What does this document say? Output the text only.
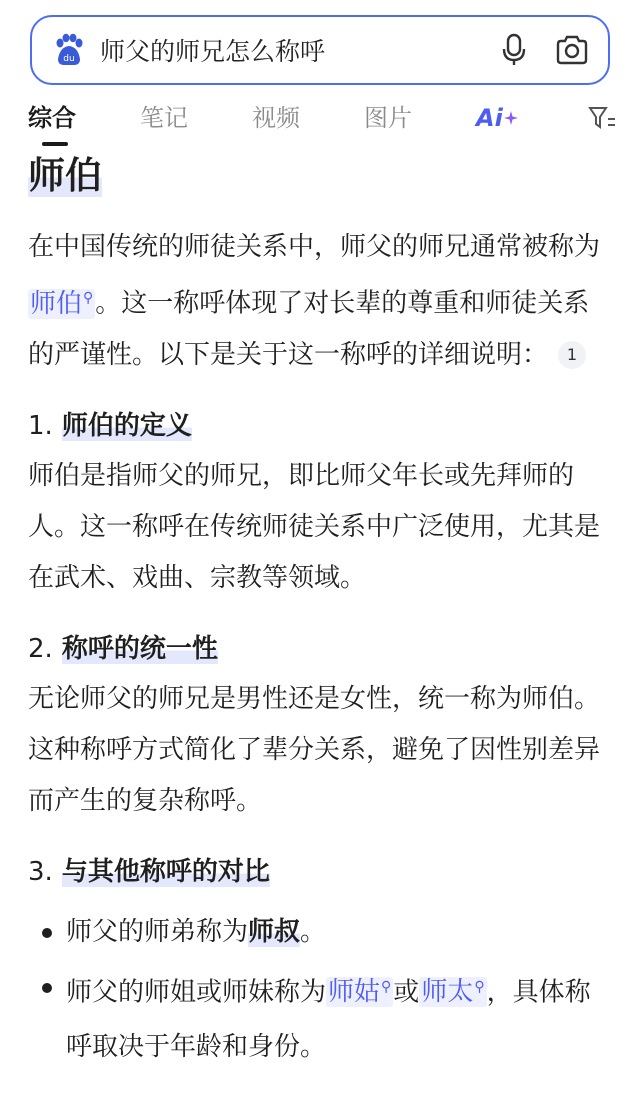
du 师父的师兄怎么称呼
综合	笔记	视频	图片	Ai
师伯

在中国传统的师徒关系中，师父的师兄通常被称为师伯⚲。这一称呼体现了对长辈的尊重和师徒关系的严谨性。以下是关于这一称呼的详细说明： 1

1. 师伯的定义

师伯是指师父的师兄，即比师父年长或先拜师的人。这一称呼在传统师徒关系中广泛使用，尤其是在武术、戏曲、宗教等领域。

2. 称呼的统一性

无论师父的师兄是男性还是女性，统一称为师伯。这种称呼方式简化了辈分关系，避免了因性别差异而产生的复杂称呼。

3. 与其他称呼的对比
师父的师弟称为师叔。
师父的师姐或师妹称为师姑⚲或师太⚲，具体称呼取决于年龄和身份。
